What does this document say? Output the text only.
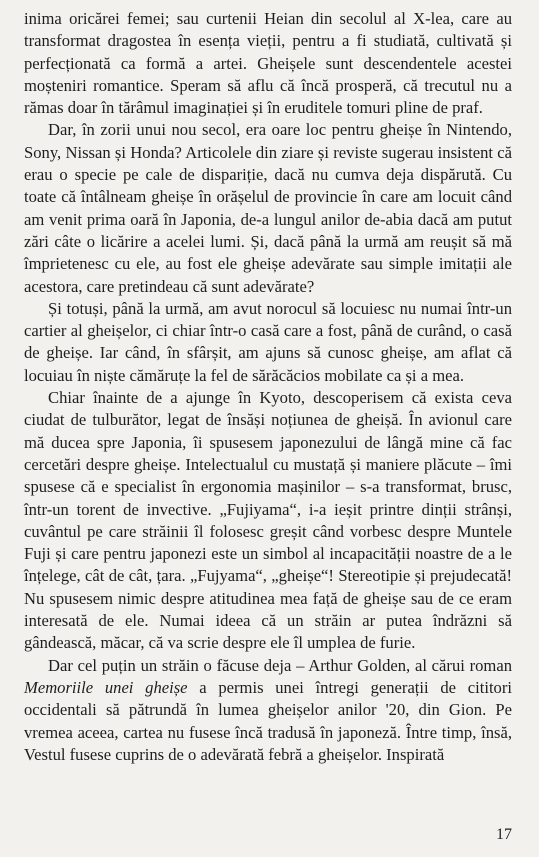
inima oricărei femei; sau curtenii Heian din secolul al X-lea, care au transformat dragostea în esența vieții, pentru a fi studiată, cultivată și perfecționată ca formă a artei. Gheișele sunt descendentele acestei moșteniri romantice. Speram să aflu că încă prosperă, că trecutul nu a rămas doar în tărâmul imaginației și în eruditele tomuri pline de praf.

Dar, în zorii unui nou secol, era oare loc pentru gheișe în Nintendo, Sony, Nissan și Honda? Articolele din ziare și reviste sugerau insistent că erau o specie pe cale de dispariție, dacă nu cumva deja dispărută. Cu toate că întâlneam gheișe în orășelul de provincie în care am locuit când am venit prima oară în Japonia, de-a lungul anilor de-abia dacă am putut zări câte o licărire a acelei lumi. Și, dacă până la urmă am reușit să mă împrietenesc cu ele, au fost ele gheișe adevărate sau simple imitații ale acestora, care pretindeau că sunt adevărate?

Și totuși, până la urmă, am avut norocul să locuiesc nu numai într-un cartier al gheișelor, ci chiar într-o casă care a fost, până de curând, o casă de gheișe. Iar când, în sfârșit, am ajuns să cunosc gheișe, am aflat că locuiau în niște cămăruțe la fel de sărăcăcios mobilate ca și a mea.

Chiar înainte de a ajunge în Kyoto, descoperisem că exista ceva ciudat de tulburător, legat de însăși noțiunea de gheișă. În avionul care mă ducea spre Japonia, îi spusesem japonezului de lângă mine că fac cercetări despre gheișe. Intelectualul cu mustață și maniere plăcute – îmi spusese că e specialist în ergonomia mașinilor – s-a transformat, brusc, într-un torent de invective. „Fujiyama“, i-a ieșit printre dinții strânși, cuvântul pe care străinii îl folosesc greșit când vorbesc despre Muntele Fuji și care pentru japonezi este un simbol al incapacității noastre de a le înțelege, cât de cât, țara. „Fujyama“, „gheișe“! Stereotipie și prejudecată! Nu spusesem nimic despre atitudinea mea față de gheișe sau de ce eram interesată de ele. Numai ideea că un străin ar putea îndrăzni să gândească, măcar, că va scrie despre ele îl umplea de furie.

Dar cel puțin un străin o făcuse deja – Arthur Golden, al cărui roman Memoriile unei gheișe a permis unei întregi generații de cititori occidentali să pătrundă în lumea gheișelor anilor '20, din Gion. Pe vremea aceea, cartea nu fusese încă tradusă în japoneză. Între timp, însă, Vestul fusese cuprins de o adevărată febră a gheișelor. Inspirată

17
